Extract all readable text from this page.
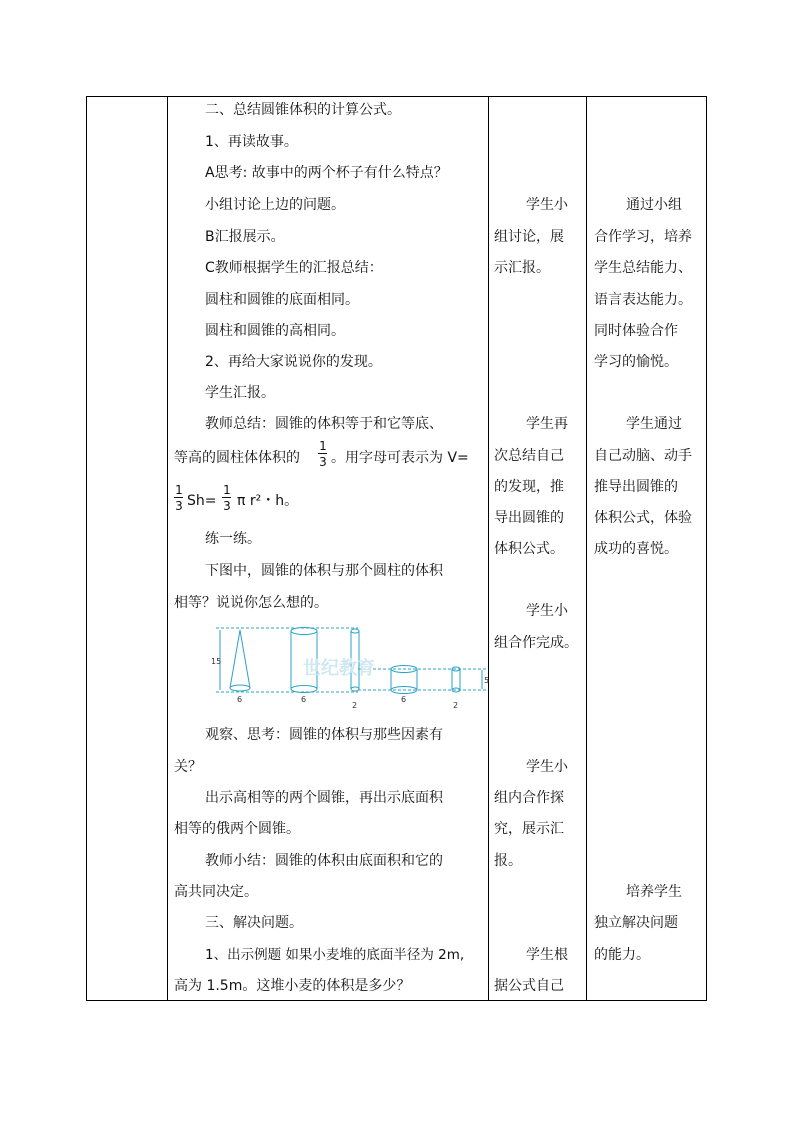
二、总结圆锥体积的计算公式。
1、再读故事。
A思考: 故事中的两个杯子有什么特点？
小组讨论上边的问题。
B汇报展示。
C教师根据学生的汇报总结：
圆柱和圆锥的底面相同。
圆柱和圆锥的高相同。
2、再给大家说说你的发现。
学生汇报。
教师总结：圆锥的体积等于和它等底、
等高的圆柱体体积的
1
3 。用字母可表示为 V=
1
3 Sh=
1
3 π r²・h。
练一练。
下图中，圆锥的体积与那个圆柱的体积
相等？说说你怎么想的。
世纪教育
15
6	6
2
6
5
2
观察、思考：圆锥的体积与那些因素有
关？
出示高相等的两个圆锥，再出示底面积
相等的俄两个圆锥。
教师小结：圆锥的体积由底面积和它的
高共同决定。
三、解决问题。
1、出示例题 如果小麦堆的底面半径为 2m,
高为 1.5m。这堆小麦的体积是多少？
学生小
组讨论，展
示汇报。
学生再
次总结自己
的发现，推
导出圆锥的
体积公式。
学生小
组合作完成。
学生小
组内合作探
究，展示汇
报。
学生根
据公式自己
通过小组
合作学习，培养
学生总结能力、
语言表达能力。
同时体验合作
学习的愉悦。
学生通过
自己动脑、动手
推导出圆锥的
体积公式，体验
成功的喜悦。
培养学生
独立解决问题
的能力。
